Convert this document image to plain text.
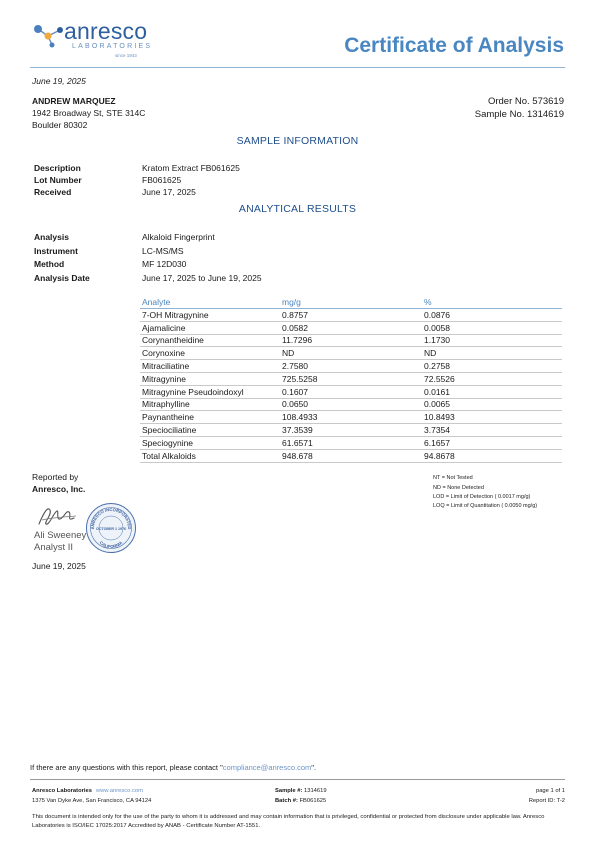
anresco
LABORATORIES
since 1943	Certificate of Analysis
June 19, 2025
ANDREW MARQUEZ
1942 Broadway St, STE 314C
Boulder 80302
Order No. 573619
Sample No. 1314619
SAMPLE INFORMATION
Description	Kratom Extract FB061625
Lot Number	FB061625
Received	June 17, 2025
ANALYTICAL RESULTS
Analysis	Alkaloid Fingerprint
Instrument	LC-MS/MS
Method	MF 12D030
Analysis Date	June 17, 2025 to June 19, 2025
Analyte	mg/g	%
7-OH Mitragynine	0.8757	0.0876
Ajamalicine	0.0582	0.0058
Corynantheidine	11.7296	1.1730
Corynoxine	ND	ND
Mitraciliatine	2.7580	0.2758
Mitragynine	725.5258	72.5526
Mitragynine Pseudoindoxyl	0.1607	0.0161
Mitraphylline	0.0650	0.0065
Paynantheine	108.4933	10.8493
Speciociliatine	37.3539	3.7354
Speciogynine	61.6571	6.1657
Total Alkaloids	948.678	94.8678
Reported by
Anresco, Inc.
Ali Sweeney
Analyst II
ANRESCO INCORPORATED
OCTOBER 1 1976
CALIFORNIA
June 19, 2025
NT = Not Tested
ND = None Detected
LOD = Limit of Detection ( 0.0017 mg/g)
LOQ = Limit of Quantitation ( 0.0050 mg/g)
If there are any questions with this report, please contact "compliance@anresco.com".
Anresco Laboratories www.anresco.com
1375 Van Dyke Ave, San Francisco, CA 94124
Sample #: 1314619
Batch #: FB061625
page 1 of 1
Report ID: T-2
This document is intended only for the use of the party to whom it is addressed and may contain information that is privileged, confidential or protected from disclosure under applicable law. Anresco Laboratories is ISO/IEC 17025:2017 Accredited by ANAB - Certificate Number AT-1551.
